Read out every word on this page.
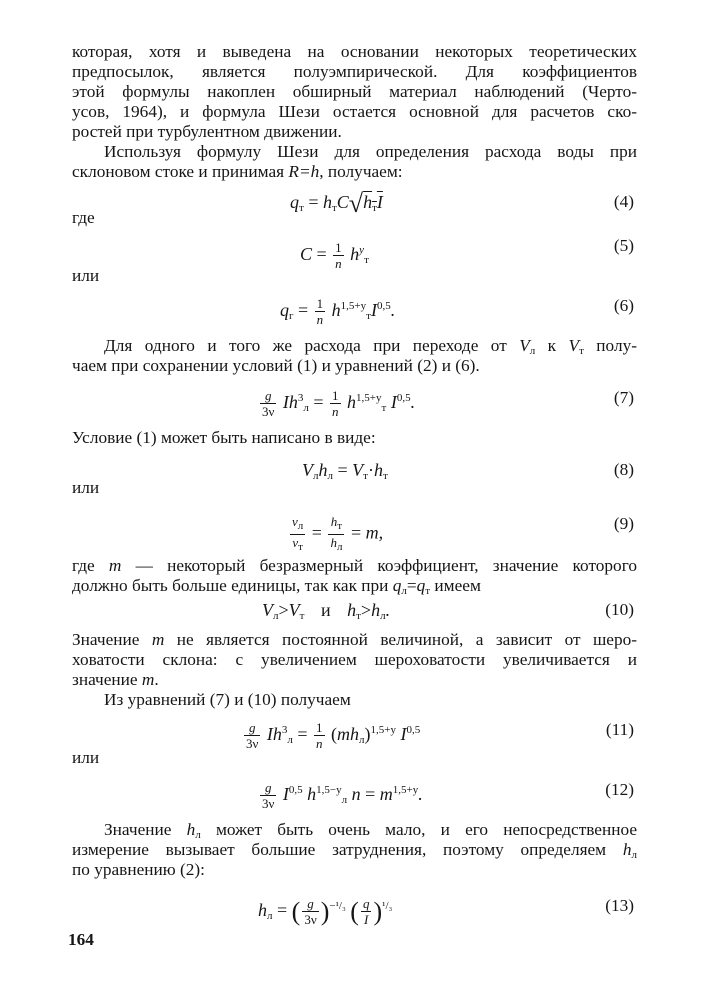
которая, хотя и выведена на основании некоторых теоретических
предпосылок, является полуэмпирической. Для коэффициентов
этой формулы накоплен обширный материал наблюдений (Черто-
усов, 1964), и формула Шези остается основной для расчетов ско-
ростей при турбулентном движении.
Используя формулу Шези для определения расхода воды при
склоновом стоке и принимая R=h, получаем:
$q_т = h_тC√h_тI$	(4)
где
$C = \frac{1}{n} h^y_т$
(5)
или
$q_г = \frac{1}{n} h^{1,5+y}_тI^{0,5}$.	(6)
Для одного и того же расхода при переходе от $V_л$ к $V_т$ полу-
чаем при сохранении условий (1) и уравнений (2) и (6).
$\frac{g}{3\nu} Ih^3_л = \frac{1}{n} h^{1,5+y}_т$ I$^{0,5}$.	(7)
Условие (1) может быть написано в виде:
$V_лh_л = V_т\cdot h_т$	(8)
или
$\frac{v_л}{v_т} = \frac{h_т}{h_л} = m$,	(9)
где m — некоторый безразмерный коэффициент, значение которого
должно быть больше единицы, так как при $q_л=q_т$ имеем
$V_л>V_т$ и $h_т>h_л$.	(10)
Значение m не является постоянной величиной, а зависит от шеро-
ховатости склона: с увеличением шероховатости увеличивается и
значение m.
Из уравнений (7) и (10) получаем
$\frac{g}{3\nu} Ih^3_л = \frac{1}{n} (mh_л)^{1,5+y}$ I$^{0,5}$	(11)
или
$\frac{g}{3\nu} I^{0,5}$ $h^{1,5-y}_л$ $n = m^{1,5+y}$.	(12)
Значение $h_л$ может быть очень мало, и его непосредственное
измерение вызывает большие затруднения, поэтому определяем $h_л$
по уравнению (2):
$h_л$ = ( $\frac{g}{3\nu} )^{-^1/_3}$ ( $\frac{q}{I} )^{^1/_3}$	(13)
164
